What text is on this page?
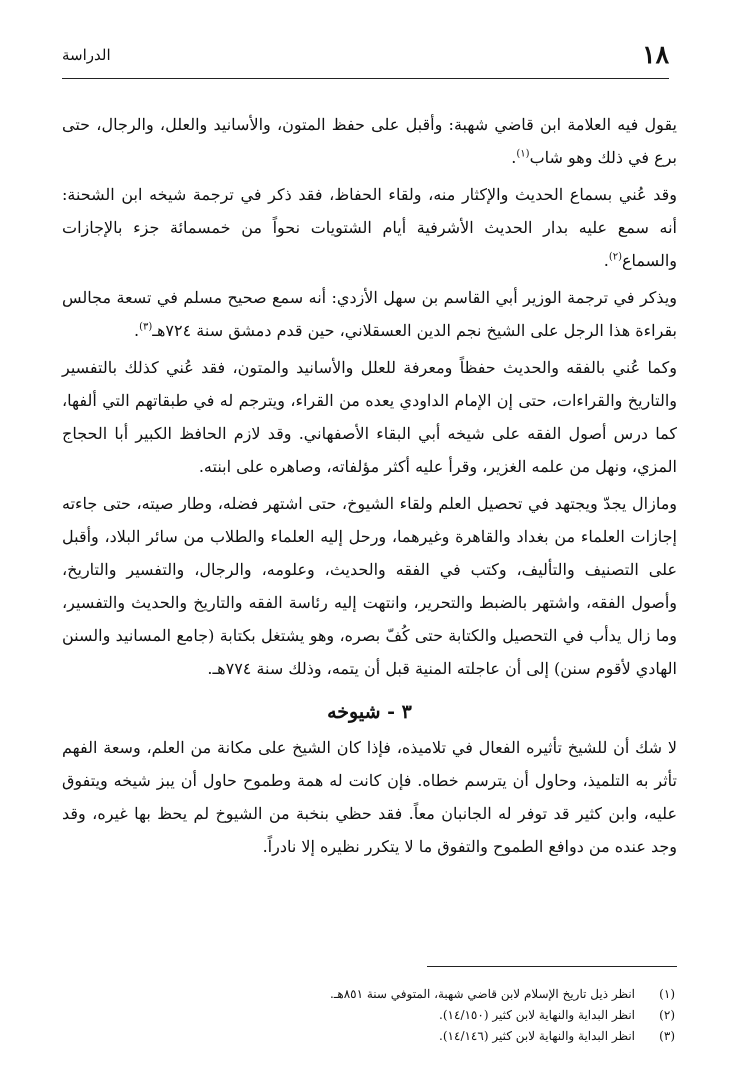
١٨
الدراسة

يقول فيه العلامة ابن قاضي شهبة: وأقبل على حفظ المتون، والأسانيد والعلل، والرجال، حتى برع في ذلك وهو شاب$^{(١)}$.

وقد عُني بسماع الحديث والإكثار منه، ولقاء الحفاظ، فقد ذكر في ترجمة شيخه ابن الشحنة: أنه سمع عليه بدار الحديث الأشرفية أيام الشتويات نحواً من خمسمائة جزء بالإجازات والسماع$^{(٢)}$.

ويذكر في ترجمة الوزير أبي القاسم بن سهل الأزدي: أنه سمع صحيح مسلم في تسعة مجالس بقراءة هذا الرجل على الشيخ نجم الدين العسقلاني، حين قدم دمشق سنة ٧٢٤هـ$^{(٣)}$.

وكما عُني بالفقه والحديث حفظاً ومعرفة للعلل والأسانيد والمتون، فقد عُني كذلك بالتفسير والتاريخ والقراءات، حتى إن الإمام الداودي يعده من القراء، ويترجم له في طبقاتهم التي ألفها، كما درس أصول الفقه على شيخه أبي البقاء الأصفهاني. وقد لازم الحافظ الكبير أبا الحجاج المزي، ونهل من علمه الغزير، وقرأ عليه أكثر مؤلفاته، وصاهره على ابنته.

ومازال يجدّ ويجتهد في تحصيل العلم ولقاء الشيوخ، حتى اشتهر فضله، وطار صيته، حتى جاءته إجازات العلماء من بغداد والقاهرة وغيرهما، ورحل إليه العلماء والطلاب من سائر البلاد، وأقبل على التصنيف والتأليف، وكتب في الفقه والحديث، وعلومه، والرجال، والتفسير والتاريخ، وأصول الفقه، واشتهر بالضبط والتحرير، وانتهت إليه رئاسة الفقه والتاريخ والحديث والتفسير، وما زال يدأب في التحصيل والكتابة حتى كُفّ بصره، وهو يشتغل بكتابة (جامع المسانيد والسنن الهادي لأقوم سنن) إلى أن عاجلته المنية قبل أن يتمه، وذلك سنة ٧٧٤هـ.

٣ - شيوخه

لا شك أن للشيخ تأثيره الفعال في تلاميذه، فإذا كان الشيخ على مكانة من العلم، وسعة الفهم تأثر به التلميذ، وحاول أن يترسم خطاه. فإن كانت له همة وطموح حاول أن يبز شيخه ويتفوق عليه، وابن كثير قد توفر له الجانبان معاً. فقد حظي بنخبة من الشيوخ لم يحظ بها غيره، وقد وجد عنده من دوافع الطموح والتفوق ما لا يتكرر نظيره إلا نادراً.

(١)
انظر ذيل تاريخ الإسلام لابن قاضي شهبة، المتوفي سنة ٨٥١هـ.
(٢)
انظر البداية والنهاية لابن كثير (١٤/١٥٠).
(٣)
انظر البداية والنهاية لابن كثير (١٤/١٤٦).
